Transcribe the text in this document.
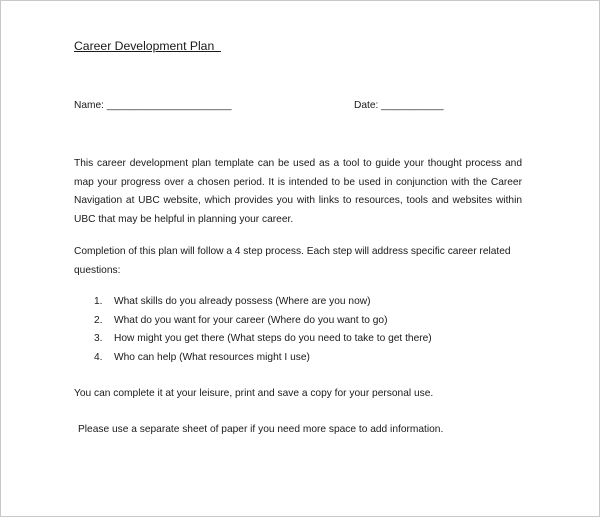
Career Development Plan
Name: ______________________	Date: ___________

This career development plan template can be used as a tool to guide your thought process and map your progress over a chosen period. It is intended to be used in conjunction with the Career Navigation at UBC website, which provides you with links to resources, tools and websites within UBC that may be helpful in planning your career.

Completion of this plan will follow a 4 step process. Each step will address specific career related questions:

1.	What skills do you already possess (Where are you now)
2.	What do you want for your career (Where do you want to go)
3.	How might you get there (What steps do you need to take to get there)
4.	Who can help (What resources might I use)

You can complete it at your leisure, print and save a copy for your personal use.

Please use a separate sheet of paper if you need more space to add information.
